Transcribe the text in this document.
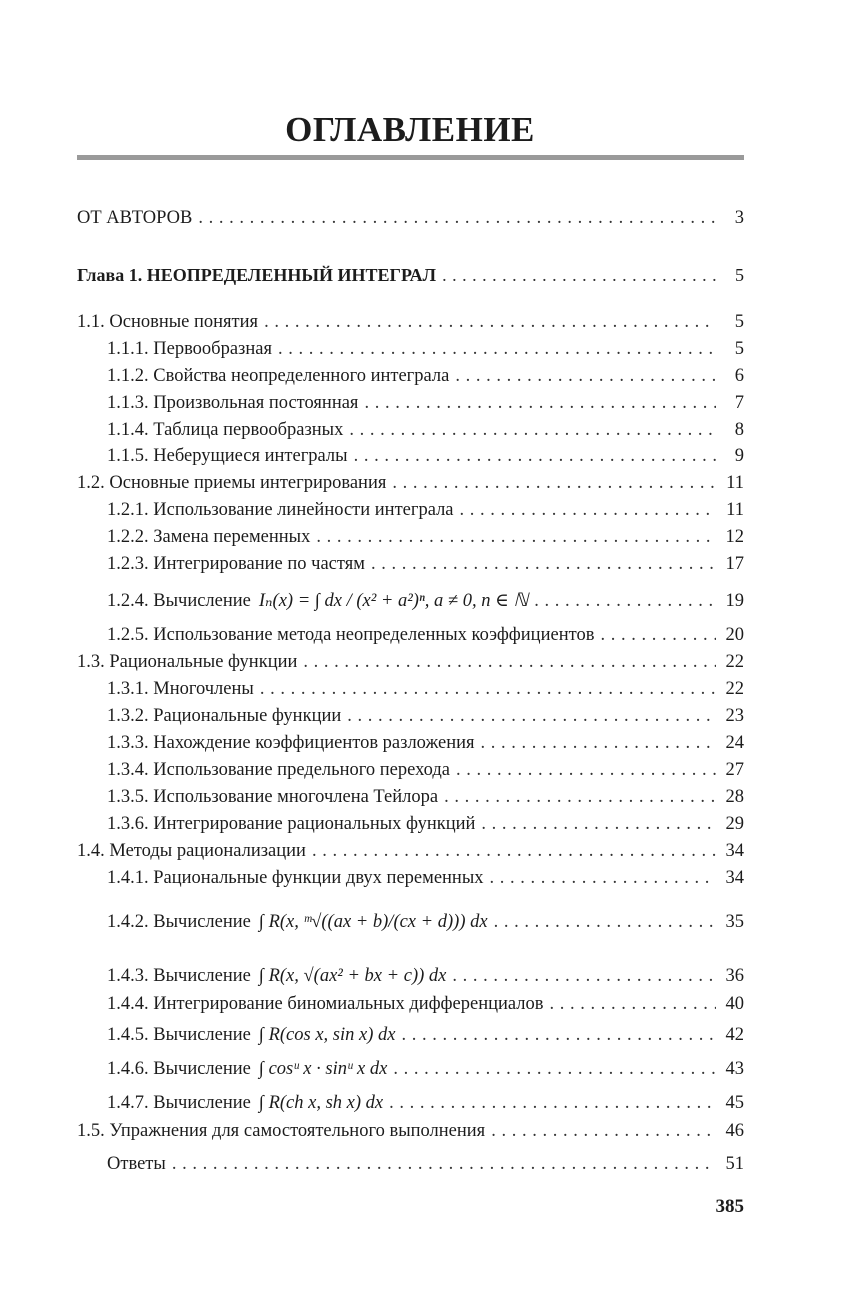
ОГЛАВЛЕНИЕ
ОТ АВТОРОВ . . .	3
Глава 1. НЕОПРЕДЕЛЕННЫЙ ИНТЕГРАЛ . . .	5
1.1. Основные понятия . . .	5
1.1.1. Первообразная . . .	5
1.1.2. Свойства неопределенного интеграла . . .	6
1.1.3. Произвольная постоянная . . .	7
1.1.4. Таблица первообразных . . .	8
1.1.5. Неберущиеся интегралы . . .	9
1.2. Основные приемы интегрирования . . .	11
1.2.1. Использование линейности интеграла . . .	11
1.2.2. Замена переменных . . .	12
1.2.3. Интегрирование по частям . . .	17
1.2.4. Вычисление Iₙ(x) = ∫ dx / (x² + a²)ⁿ, a ≠ 0, n ∈ ℕ . . .	19
1.2.5. Использование метода неопределенных коэффициентов . . .	20
1.3. Рациональные функции . . .	22
1.3.1. Многочлены . . .	22
1.3.2. Рациональные функции . . .	23
1.3.3. Нахождение коэффициентов разложения . . .	24
1.3.4. Использование предельного перехода . . .	27
1.3.5. Использование многочлена Тейлора . . .	28
1.3.6. Интегрирование рациональных функций . . .	29
1.4. Методы рационализации . . .	34
1.4.1. Рациональные функции двух переменных . . .	34
1.4.2. Вычисление ∫ R(x, ᵐ√((ax + b)/(cx + d))) dx . . .	35
1.4.3. Вычисление ∫ R(x, √(ax² + bx + c)) dx . . .	36
1.4.4. Интегрирование биномиальных дифференциалов . . .	40
1.4.5. Вычисление ∫ R(cos x, sin x) dx . . .	42
1.4.6. Вычисление ∫ cosᵘ x · sinᵘ x dx . . .	43
1.4.7. Вычисление ∫ R(ch x, sh x) dx . . .	45
1.5. Упражнения для самостоятельного выполнения . . .	46
Ответы . . .	51
385
